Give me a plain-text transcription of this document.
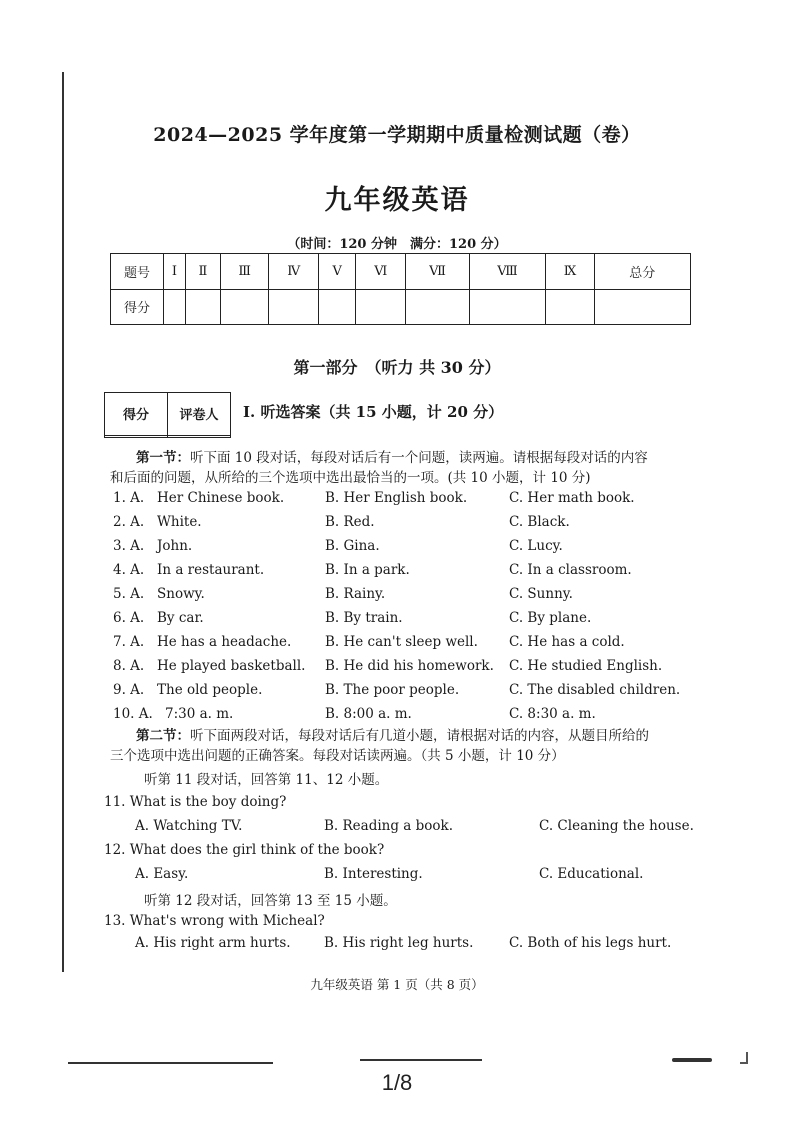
2024—2025 学年度第一学期期中质量检测试题（卷）
九年级英语
（时间：120 分钟　满分：120 分）
题号	Ⅰ	Ⅱ	Ⅲ	Ⅳ	Ⅴ	Ⅵ	Ⅶ	Ⅷ	Ⅸ	总分
得分										
第一部分　（听力 共 30 分）
得分	评卷人
	I. 听选答案（共 15 小题，计 20 分）
第一节：听下面 10 段对话，每段对话后有一个问题，读两遍。请根据每段对话的内容
和后面的问题，从所给的三个选项中选出最恰当的一项。(共 10 小题，计 10 分)
1. A. Her Chinese book.	B. Her English book.	C. Her math book.
2. A. White.	B. Red.	C. Black.
3. A. John.	B. Gina.	C. Lucy.
4. A. In a restaurant.	B. In a park.	C. In a classroom.
5. A. Snowy.	B. Rainy.	C. Sunny.
6. A. By car.	B. By train.	C. By plane.
7. A. He has a headache. B. He can't sleep well. C. He has a cold.
8. A. He played basketball. B. He did his homework. C. He studied English.
9. A. The old people.	B. The poor people.	C. The disabled children.
10. A. 7:30 a. m.	B. 8:00 a. m.	C. 8:30 a. m.
第二节：听下面两段对话，每段对话后有几道小题，请根据对话的内容，从题目所给的
三个选项中选出问题的正确答案。每段对话读两遍。（共 5 小题，计 10 分）
听第 11 段对话，回答第 11、12 小题。
11. What is the boy doing?
A. Watching TV.	B. Reading a book.	C. Cleaning the house.
12. What does the girl think of the book?
A. Easy.	B. Interesting.	C. Educational.
听第 12 段对话，回答第 13 至 15 小题。
13. What's wrong with Micheal?
A. His right arm hurts. B. His right leg hurts.	C. Both of his legs hurt.
九年级英语 第 1 页（共 8 页）
1/8
